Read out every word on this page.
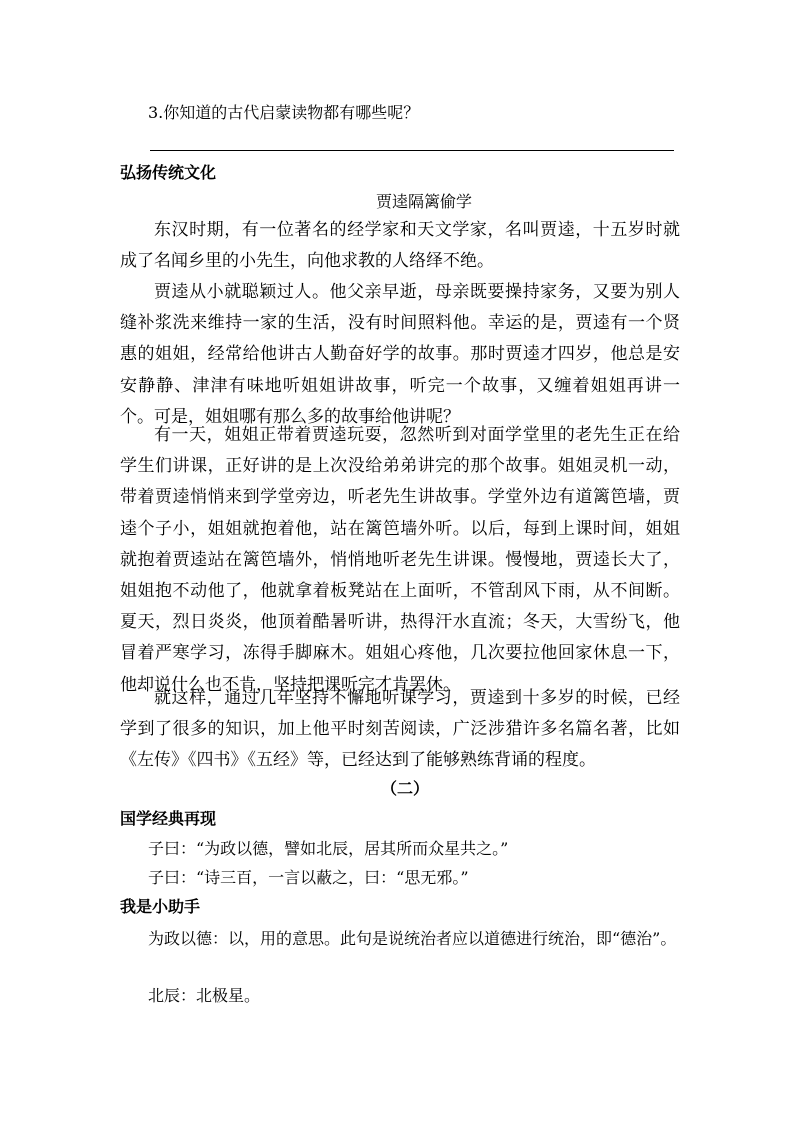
3.你知道的古代启蒙读物都有哪些呢？
弘扬传统文化
贾逵隔篱偷学

东汉时期，有一位著名的经学家和天文学家，名叫贾逵，十五岁时就成了名闻乡里的小先生，向他求教的人络绎不绝。

贾逵从小就聪颖过人。他父亲早逝，母亲既要操持家务，又要为别人缝补浆洗来维持一家的生活，没有时间照料他。幸运的是，贾逵有一个贤惠的姐姐，经常给他讲古人勤奋好学的故事。那时贾逵才四岁，他总是安安静静、津津有味地听姐姐讲故事，听完一个故事，又缠着姐姐再讲一个。可是，姐姐哪有那么多的故事给他讲呢？

有一天，姐姐正带着贾逵玩耍，忽然听到对面学堂里的老先生正在给学生们讲课，正好讲的是上次没给弟弟讲完的那个故事。姐姐灵机一动，带着贾逵悄悄来到学堂旁边，听老先生讲故事。学堂外边有道篱笆墙，贾逵个子小，姐姐就抱着他，站在篱笆墙外听。以后，每到上课时间，姐姐就抱着贾逵站在篱笆墙外，悄悄地听老先生讲课。慢慢地，贾逵长大了，姐姐抱不动他了，他就拿着板凳站在上面听，不管刮风下雨，从不间断。夏天，烈日炎炎，他顶着酷暑听讲，热得汗水直流；冬天，大雪纷飞，他冒着严寒学习，冻得手脚麻木。姐姐心疼他，几次要拉他回家休息一下，他却说什么也不肯，坚持把课听完才肯罢休。

就这样，通过几年坚持不懈地听课学习，贾逵到十多岁的时候，已经学到了很多的知识，加上他平时刻苦阅读，广泛涉猎许多名篇名著，比如《左传》《四书》《五经》等，已经达到了能够熟练背诵的程度。

（二）
国学经典再现
子曰：“为政以德，譬如北辰，居其所而众星共之。”
子曰：“诗三百，一言以蔽之，曰：“思无邪。”
我是小助手
为政以德：以，用的意思。此句是说统治者应以道德进行统治，即“德治”。
北辰：北极星。
